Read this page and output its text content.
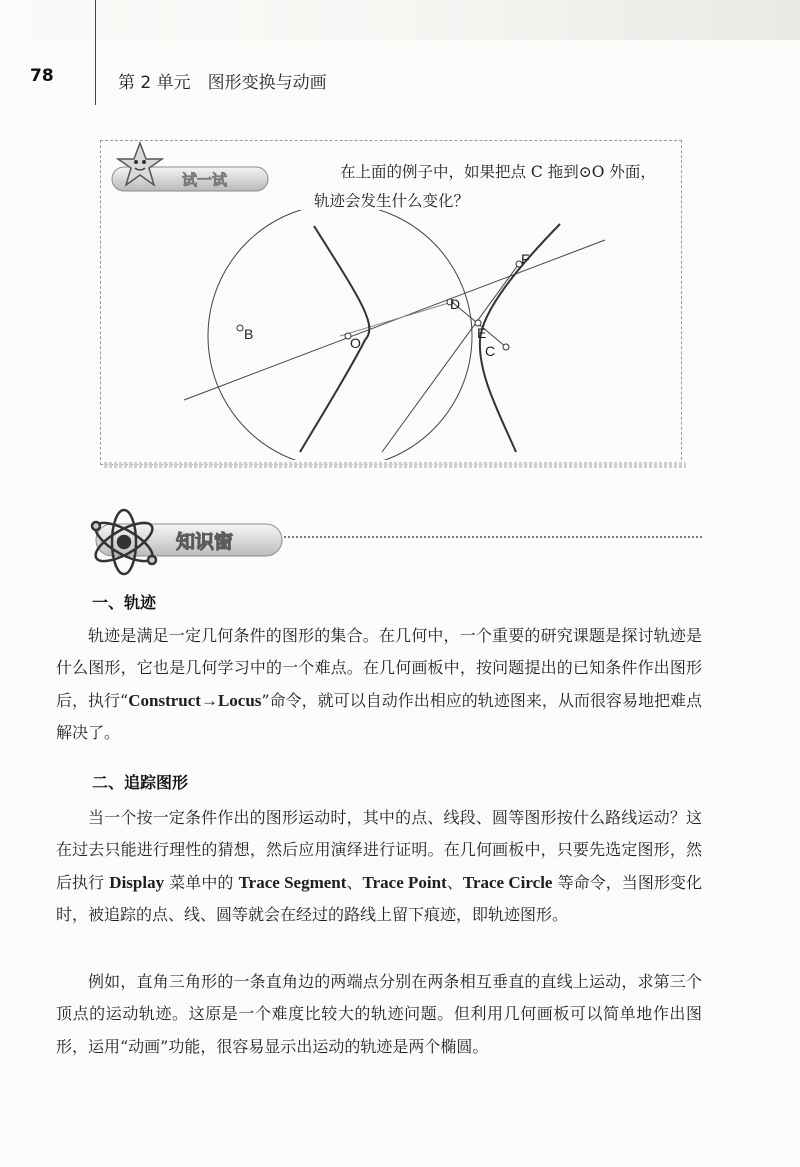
78	第 2 单元　图形变换与动画
试一试	在上面的例子中，如果把点 C 拖到⊙O 外面，
轨迹会发生什么变化？
B
O
D
E
F
C
知识窗
一、轨迹

轨迹是满足一定几何条件的图形的集合。在几何中，一个重要的研究课题是探讨轨迹是什么图形，它也是几何学习中的一个难点。在几何画板中，按问题提出的已知条件作出图形后，执行“Construct→Locus”命令，就可以自动作出相应的轨迹图来，从而很容易地把难点解决了。

二、追踪图形

当一个按一定条件作出的图形运动时，其中的点、线段、圆等图形按什么路线运动？这在过去只能进行理性的猜想，然后应用演绎进行证明。在几何画板中，只要先选定图形，然后执行 Display 菜单中的 Trace Segment、Trace Point、Trace Circle 等命令，当图形变化时，被追踪的点、线、圆等就会在经过的路线上留下痕迹，即轨迹图形。

例如，直角三角形的一条直角边的两端点分别在两条相互垂直的直线上运动，求第三个顶点的运动轨迹。这原是一个难度比较大的轨迹问题。但利用几何画板可以简单地作出图形，运用“动画”功能，很容易显示出运动的轨迹是两个椭圆。
